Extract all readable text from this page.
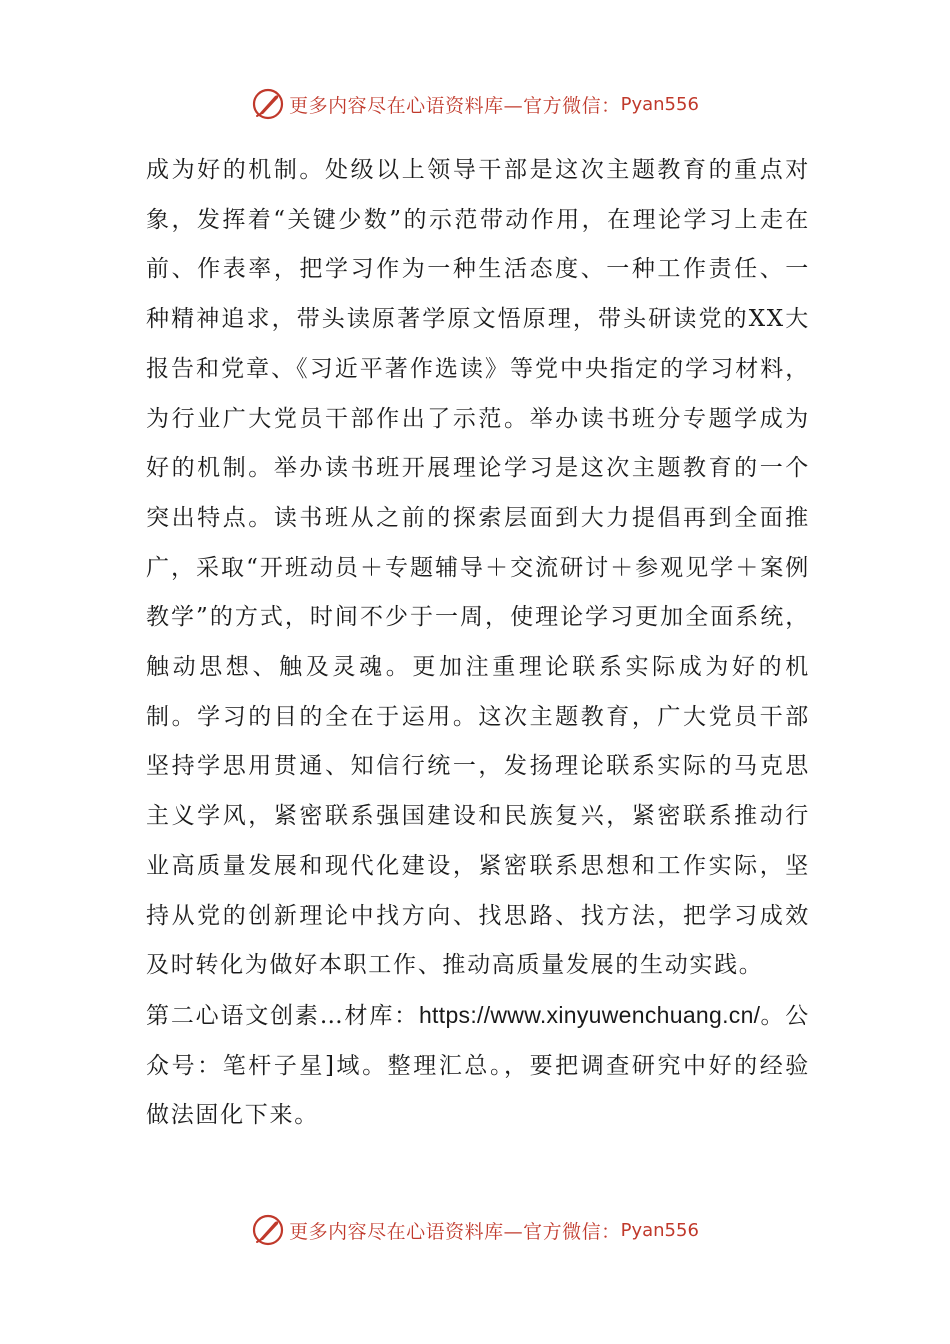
更多内容尽在心语资料库—官方微信： Pyan556

成为好的机制。处级以上领导干部是这次主题教育的重点对象，发挥着“关键少数”的示范带动作用，在理论学习上走在前、作表率，把学习作为一种生活态度、一种工作责任、一种精神追求，带头读原著学原文悟原理，带头研读党的XX大报告和党章、《习近平著作选读》等党中央指定的学习材料，为行业广大党员干部作出了示范。举办读书班分专题学成为好的机制。举办读书班开展理论学习是这次主题教育的一个突出特点。读书班从之前的探索层面到大力提倡再到全面推广，采取“开班动员＋专题辅导＋交流研讨＋参观见学＋案例教学”的方式，时间不少于一周，使理论学习更加全面系统，触动思想、触及灵魂。更加注重理论联系实际成为好的机制。学习的目的全在于运用。这次主题教育，广大党员干部坚持学思用贯通、知信行统一，发扬理论联系实际的马克思主义学风，紧密联系强国建设和民族复兴，紧密联系推动行业高质量发展和现代化建设，紧密联系思想和工作实际，坚持从党的创新理论中找方向、找思路、找方法，把学习成效及时转化为做好本职工作、推动高质量发展的生动实践。

第二心语文创素…材库：https://www.xinyuwenchuang.cn/。公众号：笔杆子星]域。整理汇总。，要把调查研究中好的经验做法固化下来。

更多内容尽在心语资料库—官方微信： Pyan556
